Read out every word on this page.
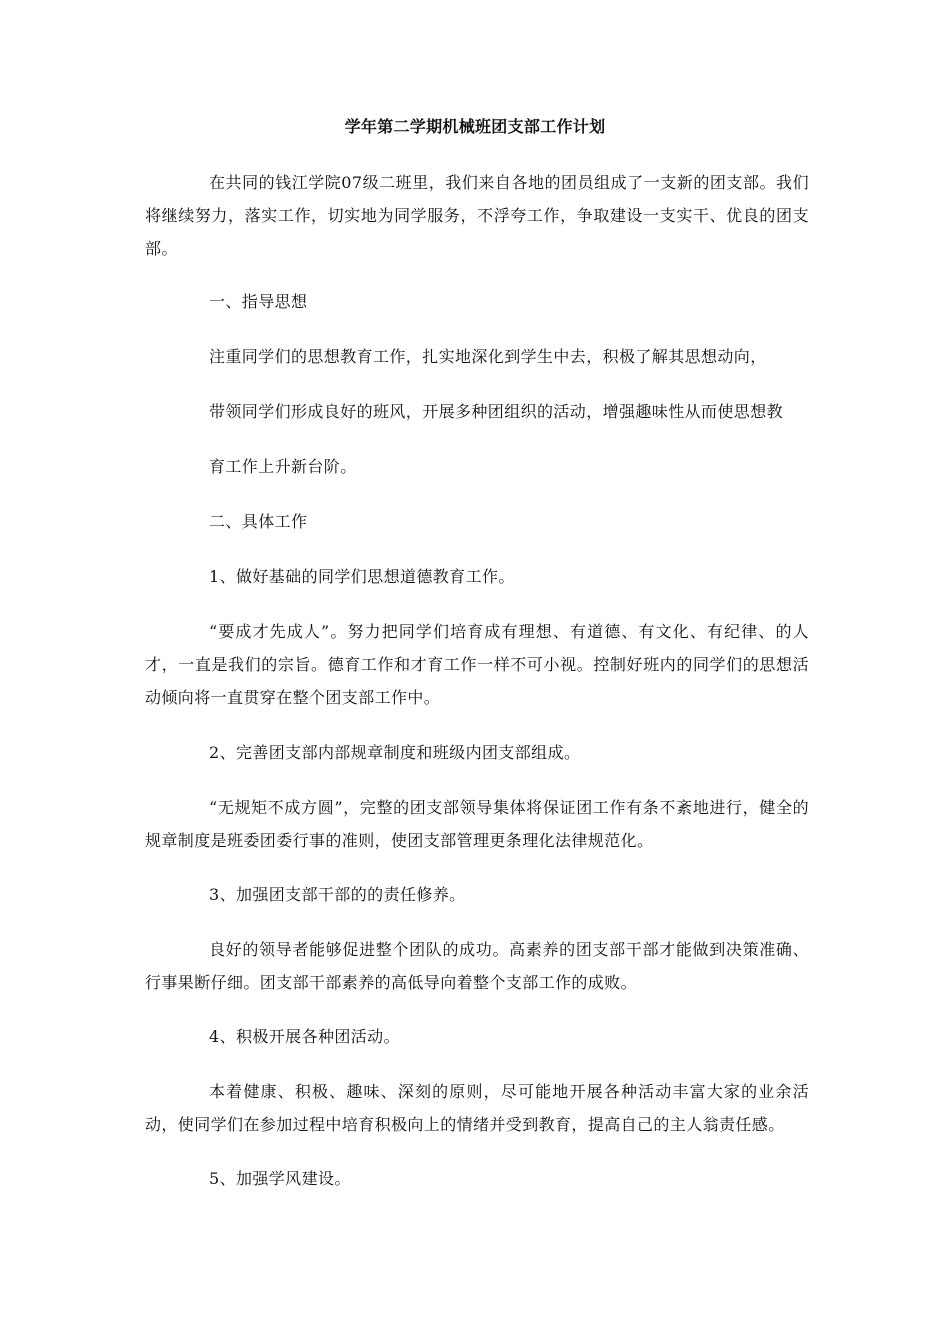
学年第二学期机械班团支部工作计划

在共同的钱江学院07级二班里，我们来自各地的团员组成了一支新的团支部。我们将继续努力，落实工作，切实地为同学服务，不浮夸工作，争取建设一支实干、优良的团支部。

一、指导思想

注重同学们的思想教育工作，扎实地深化到学生中去，积极了解其思想动向，

带领同学们形成良好的班风，开展多种团组织的活动，增强趣味性从而使思想教

育工作上升新台阶。

二、具体工作

1、做好基础的同学们思想道德教育工作。

“要成才先成人”。努力把同学们培育成有理想、有道德、有文化、有纪律、的人才，一直是我们的宗旨。德育工作和才育工作一样不可小视。控制好班内的同学们的思想活动倾向将一直贯穿在整个团支部工作中。

2、完善团支部内部规章制度和班级内团支部组成。

“无规矩不成方圆”，完整的团支部领导集体将保证团工作有条不紊地进行，健全的规章制度是班委团委行事的准则，使团支部管理更条理化法律规范化。

3、加强团支部干部的的责任修养。

良好的领导者能够促进整个团队的成功。高素养的团支部干部才能做到决策准确、行事果断仔细。团支部干部素养的高低导向着整个支部工作的成败。

4、积极开展各种团活动。

本着健康、积极、趣味、深刻的原则，尽可能地开展各种活动丰富大家的业余活动，使同学们在参加过程中培育积极向上的情绪并受到教育，提高自己的主人翁责任感。

5、加强学风建设。
